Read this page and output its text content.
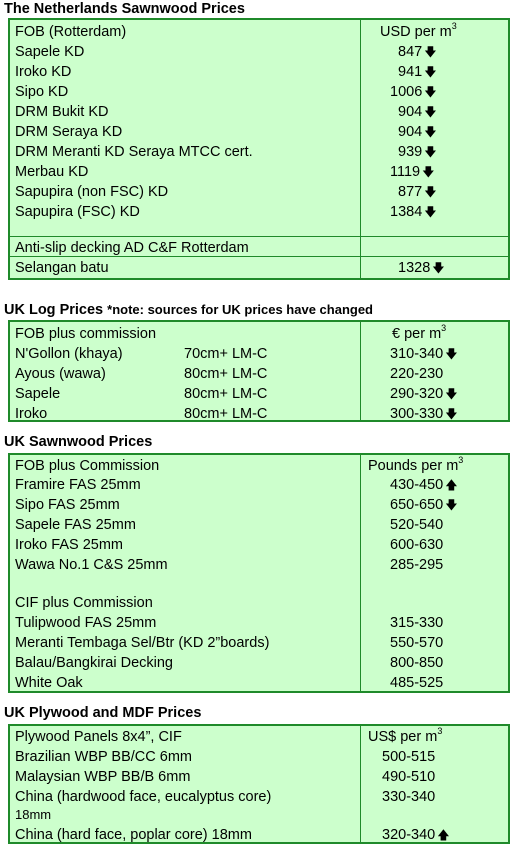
The Netherlands Sawnwood Prices
FOB (Rotterdam)	USD per $m^3$
Sapele KD	847 🡇
Iroko KD	941 🡇
Sipo KD	1006 🡇
DRM Bukit KD	904 🡇
DRM Seraya KD	904 🡇
DRM Meranti KD Seraya MTCC cert.	939 🡇
Merbau KD	1119 🡇
Sapupira (non FSC) KD	877 🡇
Sapupira (FSC) KD	1384 🡇
Anti-slip decking AD C&F Rotterdam
Selangan batu	1328 🡇
UK Log Prices *note: sources for UK prices have changed
FOB plus commission	€ per $m^3$
N'Gollon (khaya)	70cm+ LM-C	310-340 🡇
Ayous (wawa)	80cm+ LM-C	220-230
Sapele	80cm+ LM-C	290-320 🡇
Iroko	80cm+ LM-C	300-330 🡇
UK Sawnwood Prices
FOB plus Commission	Pounds per $m^3$
Framire FAS 25mm	430-450 🡅
Sipo FAS 25mm	650-650 🡇
Sapele FAS 25mm	520-540
Iroko FAS 25mm	600-630
Wawa No.1 C&S 25mm	285-295
CIF plus Commission
Tulipwood FAS 25mm	315-330
Meranti Tembaga Sel/Btr (KD 2”boards)	550-570
Balau/Bangkirai Decking	800-850
White Oak	485-525
UK Plywood and MDF Prices
Plywood Panels 8x4”, CIF	US$ per $m^3$
Brazilian WBP BB/CC 6mm	500-515
Malaysian WBP BB/B 6mm	490-510
China (hardwood face, eucalyptus core)	330-340
18mm
China (hard face, poplar core) 18mm	320-340 🡅
